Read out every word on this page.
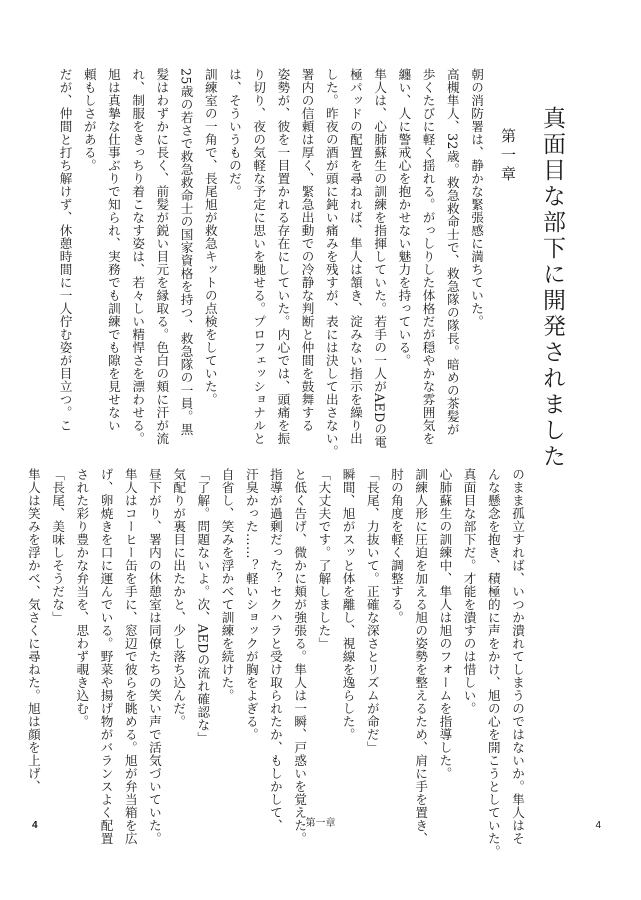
真面目な部下に開発されました
第一章
朝の消防署は、静かな緊張感に満ちていた。
高槻隼人、32歳。救急救命士で、救急隊の隊長。暗めの茶髪が
歩くたびに軽く揺れる。がっしりした体格だが穏やかな雰囲気を
纏い、人に警戒心を抱かせない魅力を持っている。
隼人は、心肺蘇生の訓練を指揮していた。若手の一人がAEDの電
極パッドの配置を尋ねれば、隼人は頷き、淀みない指示を繰り出
した。昨夜の酒が頭に鈍い痛みを残すが、表には決して出さない。
署内の信頼は厚く、緊急出動での冷静な判断と仲間を鼓舞する
姿勢が、彼を一目置かれる存在にしていた。内心では、頭痛を振
り切り、夜の気軽な予定に思いを馳せる。プロフェッショナルと
は、そういうものだ。
訓練室の一角で、長尾旭が救急キットの点検をしていた。
25歳の若さで救急救命士の国家資格を持つ、救急隊の一員。黒
髪はわずかに長く、前髪が鋭い目元を縁取る。色白の頬に汗が流
れ、制服をきっちり着こなす姿は、若々しい精悍さを漂わせる。
旭は真摯な仕事ぶりで知られ、実務でも訓練でも隙を見せない
頼もしさがある。
だが、仲間と打ち解けず、休憩時間に一人佇む姿が目立つ。こ
のまま孤立すれば、いつか潰れてしまうのではないか。隼人はそ
んな懸念を抱き、積極的に声をかけ、旭の心を開こうとしていた。
真面目な部下だ。才能を潰すのは惜しい。
心肺蘇生の訓練中、隼人は旭のフォームを指導した。
訓練人形に圧迫を加える旭の姿勢を整えるため、肩に手を置き、
肘の角度を軽く調整する。
「長尾、力抜いて。正確な深さとリズムが命だ」
瞬間、旭がスッと体を離し、視線を逸らした。
「大丈夫です。了解しました」
と低く告げ、微かに頬が強張る。隼人は一瞬、戸惑いを覚えた。
指導が過剰だった？セクハラと受け取られたか、もしかして、
汗臭かった……？軽いショックが胸をよぎる。
自省し、笑みを浮かべて訓練を続けた。
「了解。問題ないよ。次、AEDの流れ確認な」
気配りが裏目に出たかと、少し落ち込んだ。
昼下がり、署内の休憩室は同僚たちの笑い声で活気づいていた。
隼人はコーヒー缶を手に、窓辺で彼らを眺める。旭が弁当箱を広
げ、卵焼きを口に運んでいる。野菜や揚げ物がバランスよく配置
された彩り豊かな弁当を、思わず覗き込む。
「長尾、美味しそうだな」
隼人は笑みを浮かべ、気さくに尋ねた。旭は顔を上げ、
4	第一章	4
